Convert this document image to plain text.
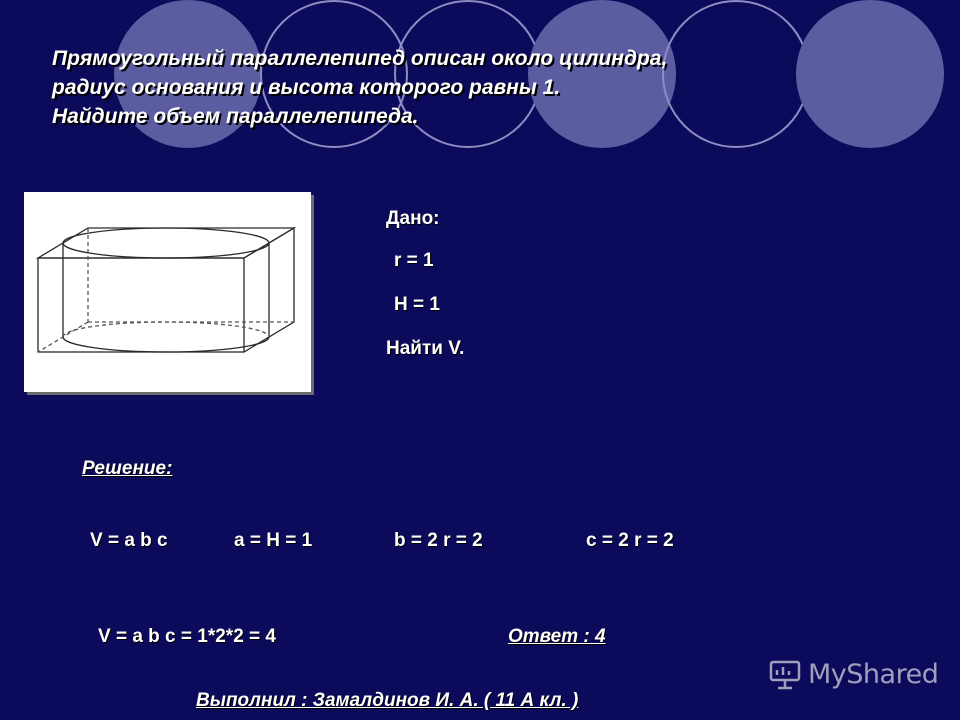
Прямоугольный параллелепипед описан около цилиндра,
радиус основания и высота которого равны 1.
Найдите объем параллелепипеда.
Дано:
r = 1
H = 1
Найти V.
Решение:
V = a b c	a = H = 1	b = 2 r = 2	c = 2 r = 2
V = a b c = 1*2*2 = 4	Ответ : 4
Выполнил : Замалдинов И. А. ( 11 А кл. )
MyShared
